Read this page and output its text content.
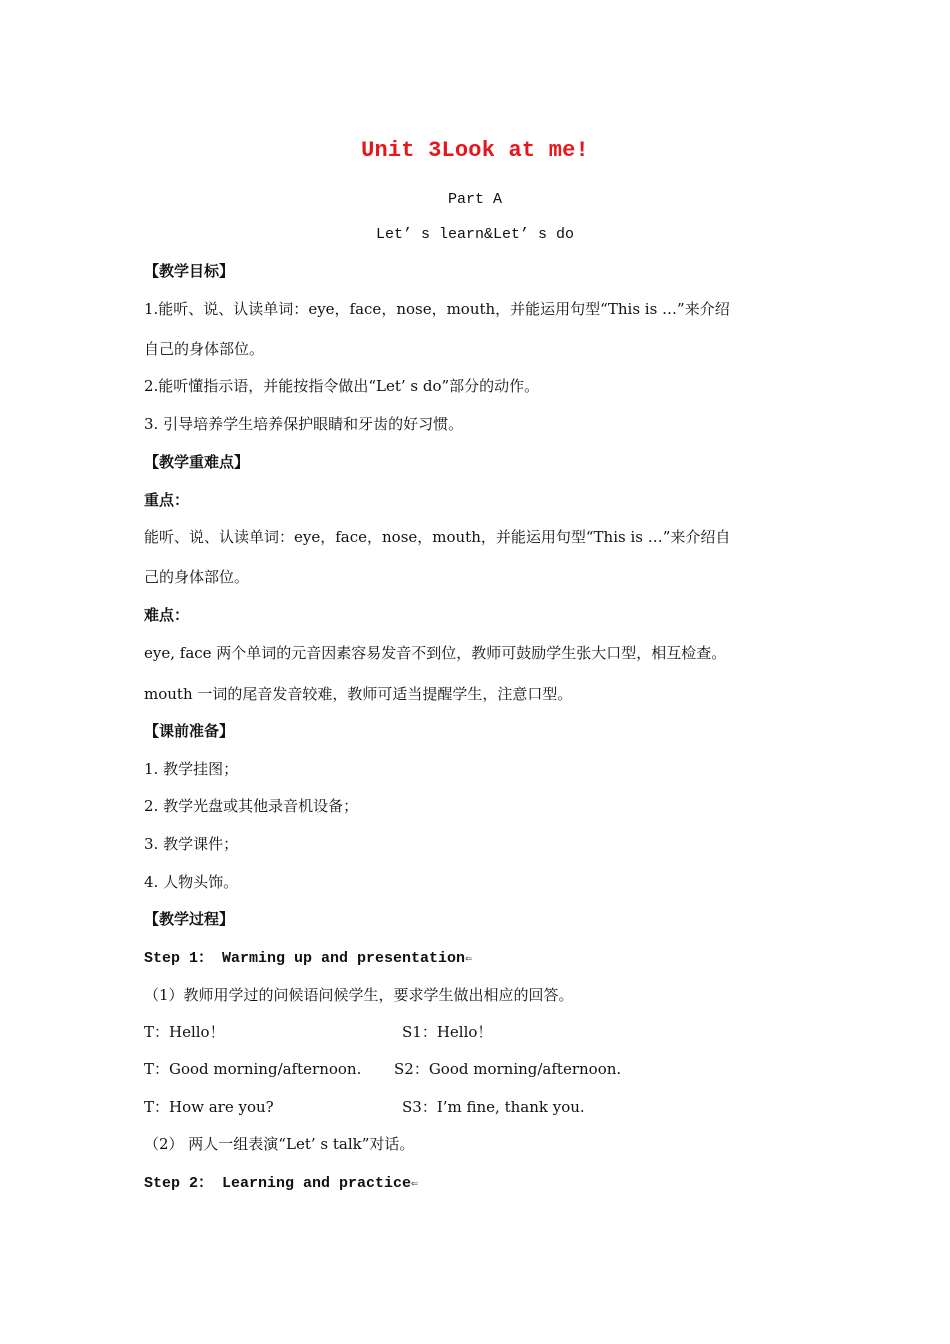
Unit 3Look at me!
Part A
Let’ s learn&Let’ s do
【教学目标】
1.能听、说、认读单词：eye，face，nose，mouth，并能运用句型“This is …”来介绍
自己的身体部位。
2.能听懂指示语，并能按指令做出“Let’ s do”部分的动作。
3. 引导培养学生培养保护眼睛和牙齿的好习惯。
【教学重难点】
重点：
能听、说、认读单词：eye，face，nose，mouth，并能运用句型“This is …”来介绍自
己的身体部位。
难点：
eye, face 两个单词的元音因素容易发音不到位，教师可鼓励学生张大口型，相互检查。
mouth 一词的尾音发音较难，教师可适当提醒学生，注意口型。
【课前准备】
1. 教学挂图；
2. 教学光盘或其他录音机设备；
3. 教学课件；
4. 人物头饰。
【教学过程】
Step 1： Warming up and presentation⇐
（1）教师用学过的问候语问候学生，要求学生做出相应的回答。
T：Hello！	S1：Hello！
T：Good morning/afternoon. S2：Good morning/afternoon.
T：How are you?	S3：I’m fine, thank you.
（2） 两人一组表演“Let’ s talk”对话。
Step 2： Learning and practice⇐
